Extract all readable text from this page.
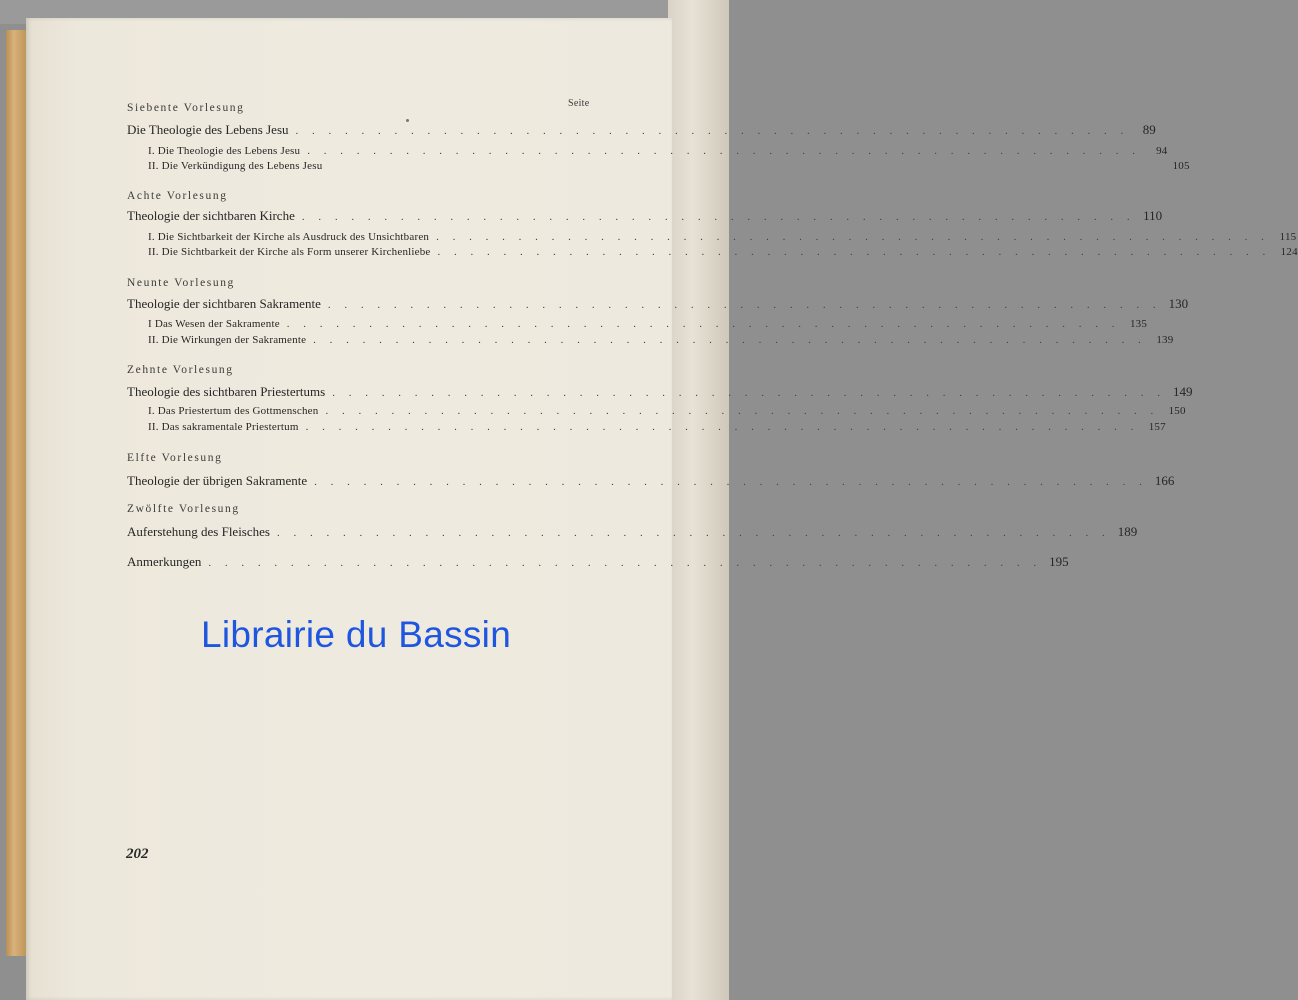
Seite
Siebente Vorlesung
Die Theologie des Lebens Jesu . . . . . . . . . . . . . . . . . . . . . . . . . . . . . . . . . . . . . . . . . . . . . . . . . . .	89
I. Die Theologie des Lebens Jesu . . . . . . . . . . . . . . . . . . . . . . . . . . . . . . . . . . . . . . . . . . . . . . . . . . .	94
II. Die Verkündigung des Lebens Jesu	105
Achte Vorlesung
Theologie der sichtbaren Kirche . . . . . . . . . . . . . . . . . . . . . . . . . . . . . . . . . . . . . . . . . . . . . . . . . . . 110
I. Die Sichtbarkeit der Kirche als Ausdruck des Unsichtbaren . . . . . . . . . . . . . . . . . . . . . . . . . . . . . . . . . . . . . . . . . . . . . . . . . . . 115
II. Die Sichtbarkeit der Kirche als Form unserer Kirchenliebe . . . . . . . . . . . . . . . . . . . . . . . . . . . . . . . . . . . . . . . . . . . . . . . . . . . 124
Neunte Vorlesung
Theologie der sichtbaren Sakramente . . . . . . . . . . . . . . . . . . . . . . . . . . . . . . . . . . . . . . . . . . . . . . . . . . . 130
I Das Wesen der Sakramente . . . . . . . . . . . . . . . . . . . . . . . . . . . . . . . . . . . . . . . . . . . . . . . . . . . 135
II. Die Wirkungen der Sakramente . . . . . . . . . . . . . . . . . . . . . . . . . . . . . . . . . . . . . . . . . . . . . . . . . . . 139
Zehnte Vorlesung
Theologie des sichtbaren Priestertums . . . . . . . . . . . . . . . . . . . . . . . . . . . . . . . . . . . . . . . . . . . . . . . . . . . 149
I. Das Priestertum des Gottmenschen . . . . . . . . . . . . . . . . . . . . . . . . . . . . . . . . . . . . . . . . . . . . . . . . . . . 150
II. Das sakramentale Priestertum . . . . . . . . . . . . . . . . . . . . . . . . . . . . . . . . . . . . . . . . . . . . . . . . . . . 157
Elfte Vorlesung
Theologie der übrigen Sakramente . . . . . . . . . . . . . . . . . . . . . . . . . . . . . . . . . . . . . . . . . . . . . . . . . . . 166
Zwölfte Vorlesung
Auferstehung des Fleisches . . . . . . . . . . . . . . . . . . . . . . . . . . . . . . . . . . . . . . . . . . . . . . . . . . . 189
Anmerkungen . . . . . . . . . . . . . . . . . . . . . . . . . . . . . . . . . . . . . . . . . . . . . . . . . . . 195
Librairie du Bassin
202
